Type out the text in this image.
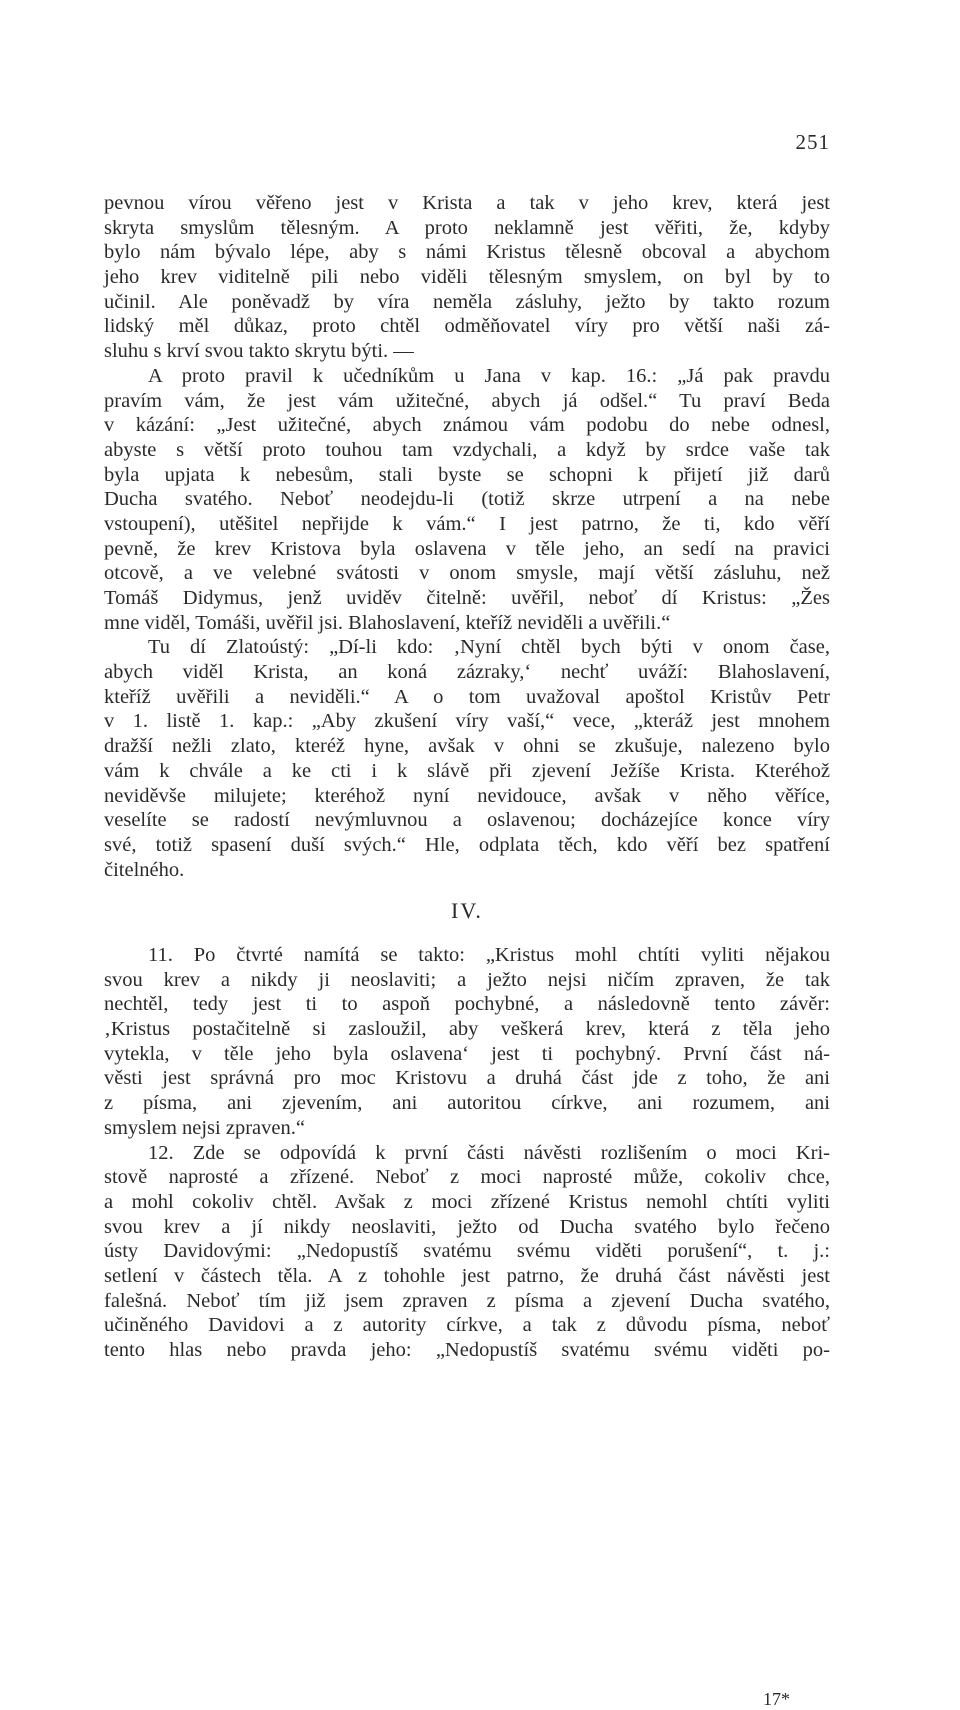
251
pevnou vírou věřeno jest v Krista a tak v jeho krev, která jest
skryta smyslům tělesným. A proto neklamně jest věřiti, že, kdyby
bylo nám bývalo lépe, aby s námi Kristus tělesně obcoval a abychom
jeho krev viditelně pili nebo viděli tělesným smyslem, on byl by to
učinil. Ale poněvadž by víra neměla zásluhy, ježto by takto rozum
lidský měl důkaz, proto chtěl odměňovatel víry pro větší naši zá-
sluhu s krví svou takto skrytu býti. —
A proto pravil k učedníkům u Jana v kap. 16.: „Já pak pravdu
pravím vám, že jest vám užitečné, abych já odšel.“ Tu praví Beda
v kázání: „Jest užitečné, abych známou vám podobu do nebe odnesl,
abyste s větší proto touhou tam vzdychali, a když by srdce vaše tak
byla upjata k nebesům, stali byste se schopni k přijetí již darů
Ducha svatého. Neboť neodejdu-li (totiž skrze utrpení a na nebe
vstoupení), utěšitel nepřijde k vám.“ I jest patrno, že ti, kdo věří
pevně, že krev Kristova byla oslavena v těle jeho, an sedí na pravici
otcově, a ve velebné svátosti v onom smysle, mají větší zásluhu, než
Tomáš Didymus, jenž uviděv čitelně: uvěřil, neboť dí Kristus: „Žes
mne viděl, Tomáši, uvěřil jsi. Blahoslavení, kteříž neviděli a uvěřili.“
Tu dí Zlatoústý: „Dí-li kdo: ‚Nyní chtěl bych býti v onom čase,
abych viděl Krista, an koná zázraky,‘ nechť uváží: Blahoslavení,
kteříž uvěřili a neviděli.“ A o tom uvažoval apoštol Kristův Petr
v 1. listě 1. kap.: „Aby zkušení víry vaší,“ vece, „kteráž jest mnohem
dražší nežli zlato, kteréž hyne, avšak v ohni se zkušuje, nalezeno bylo
vám k chvále a ke cti i k slávě při zjevení Ježíše Krista. Kteréhož
neviděvše milujete; kteréhož nyní nevidouce, avšak v něho věříce,
veselíte se radostí nevýmluvnou a oslavenou; docházejíce konce víry
své, totiž spasení duší svých.“ Hle, odplata těch, kdo věří bez spatření
čitelného.
IV.
11. Po čtvrté namítá se takto: „Kristus mohl chtíti vyliti nějakou
svou krev a nikdy ji neoslaviti; a ježto nejsi ničím zpraven, že tak
nechtěl, tedy jest ti to aspoň pochybné, a následovně tento závěr:
‚Kristus postačitelně si zasloužil, aby veškerá krev, která z těla jeho
vytekla, v těle jeho byla oslavena‘ jest ti pochybný. První část ná-
věsti jest správná pro moc Kristovu a druhá část jde z toho, že ani
z písma, ani zjevením, ani autoritou církve, ani rozumem, ani
smyslem nejsi zpraven.“
12. Zde se odpovídá k první části návěsti rozlišením o moci Kri-
stově naprosté a zřízené. Neboť z moci naprosté může, cokoliv chce,
a mohl cokoliv chtěl. Avšak z moci zřízené Kristus nemohl chtíti vyliti
svou krev a jí nikdy neoslaviti, ježto od Ducha svatého bylo řečeno
ústy Davidovými: „Nedopustíš svatému svému viděti porušení“, t. j.:
setlení v částech těla. A z tohohle jest patrno, že druhá část návěsti jest
falešná. Neboť tím již jsem zpraven z písma a zjevení Ducha svatého,
učiněného Davidovi a z autority církve, a tak z důvodu písma, neboť
tento hlas nebo pravda jeho: „Nedopustíš svatému svému viděti po-
17*
